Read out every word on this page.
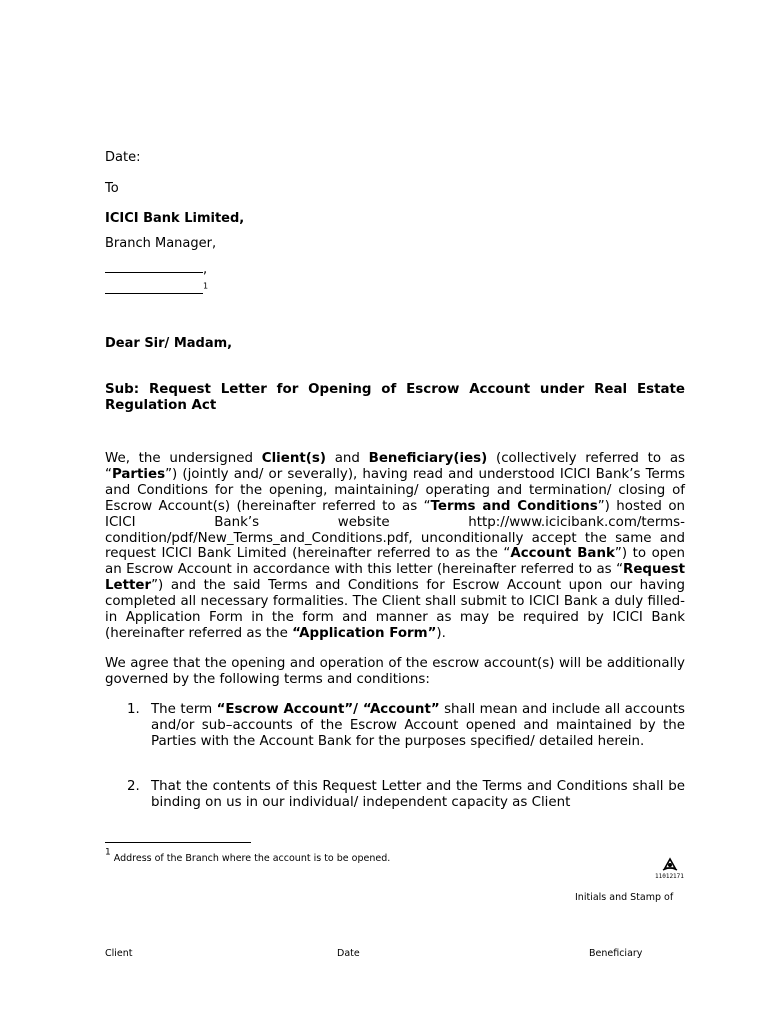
Date:
To
ICICI Bank Limited,
Branch Manager,
,
$^1$
Dear Sir/ Madam,
Sub: Request Letter for Opening of Escrow Account under Real Estate Regulation Act
We, the undersigned Client(s) and Beneficiary(ies) (collectively referred to as “Parties”) (jointly and/ or severally), having read and understood ICICI Bank’s Terms and Conditions for the opening, maintaining/ operating and termination/ closing of Escrow Account(s) (hereinafter referred to as “Terms and Conditions”) hosted on ICICI Bank’s website http://www.icicibank.com/terms-condition/pdf/New_Terms_and_Conditions.pdf, unconditionally accept the same and request ICICI Bank Limited (hereinafter referred to as the “Account Bank”) to open an Escrow Account in accordance with this letter (hereinafter referred to as “Request Letter”) and the said Terms and Conditions for Escrow Account upon our having completed all necessary formalities. The Client shall submit to ICICI Bank a duly filled-in Application Form in the form and manner as may be required by ICICI Bank (hereinafter referred as the “Application Form”).
We agree that the opening and operation of the escrow account(s) will be additionally governed by the following terms and conditions:
1. The term “Escrow Account”/ “Account” shall mean and include all accounts and/or sub–accounts of the Escrow Account opened and maintained by the Parties with the Account Bank for the purposes specified/ detailed herein.
2. That the contents of this Request Letter and the Terms and Conditions shall be binding on us in our individual/ independent capacity as Client
$^1$ Address of the Branch where the account is to be opened.
11012171
Initials and Stamp of
Client	Date	Beneficiary
